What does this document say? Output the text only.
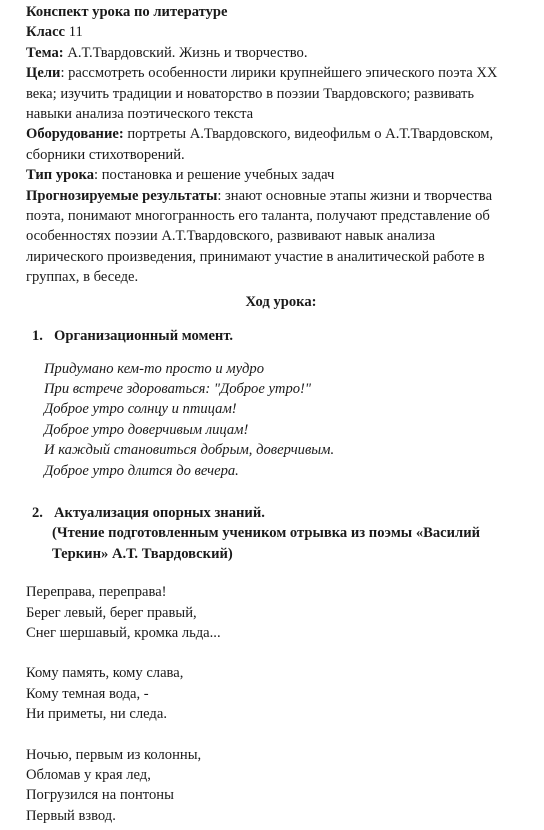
Конспект урока по литературе
Класс 11
Тема: А.Т.Твардовский. Жизнь и творчество.
Цели: рассмотреть особенности лирики крупнейшего эпического поэта XX
века; изучить традиции и новаторство в поэзии Твардовского; развивать
навыки анализа поэтического текста
Оборудование: портреты А.Твардовского, видеофильм о А.Т.Твардовском,
сборники стихотворений.
Тип урока: постановка и решение учебных задач
Прогнозируемые результаты: знают основные этапы жизни и творчества
поэта, понимают многогранность его таланта, получают представление об
особенностях поэзии А.Т.Твардовского, развивают навык анализа
лирического произведения, принимают участие в аналитической работе в
группах, в беседе.
Ход урока:
1. Организационный момент.
Придумано кем-то просто и мудро
При встрече здороваться: "Доброе утро!"
Доброе утро солнцу и птицам!
Доброе утро доверчивым лицам!
И каждый становиться добрым, доверчивым.
Доброе утро длится до вечера.
2. Актуализация опорных знаний.
(Чтение подготовленным учеником отрывка из поэмы «Василий
Теркин» А.Т. Твардовский)
Переправа, переправа!
Берег левый, берег правый,
Снег шершавый, кромка льда...
Кому память, кому слава,
Кому темная вода, -
Ни приметы, ни следа.
Ночью, первым из колонны,
Обломав у края лед,
Погрузился на понтоны
Первый взвод.
